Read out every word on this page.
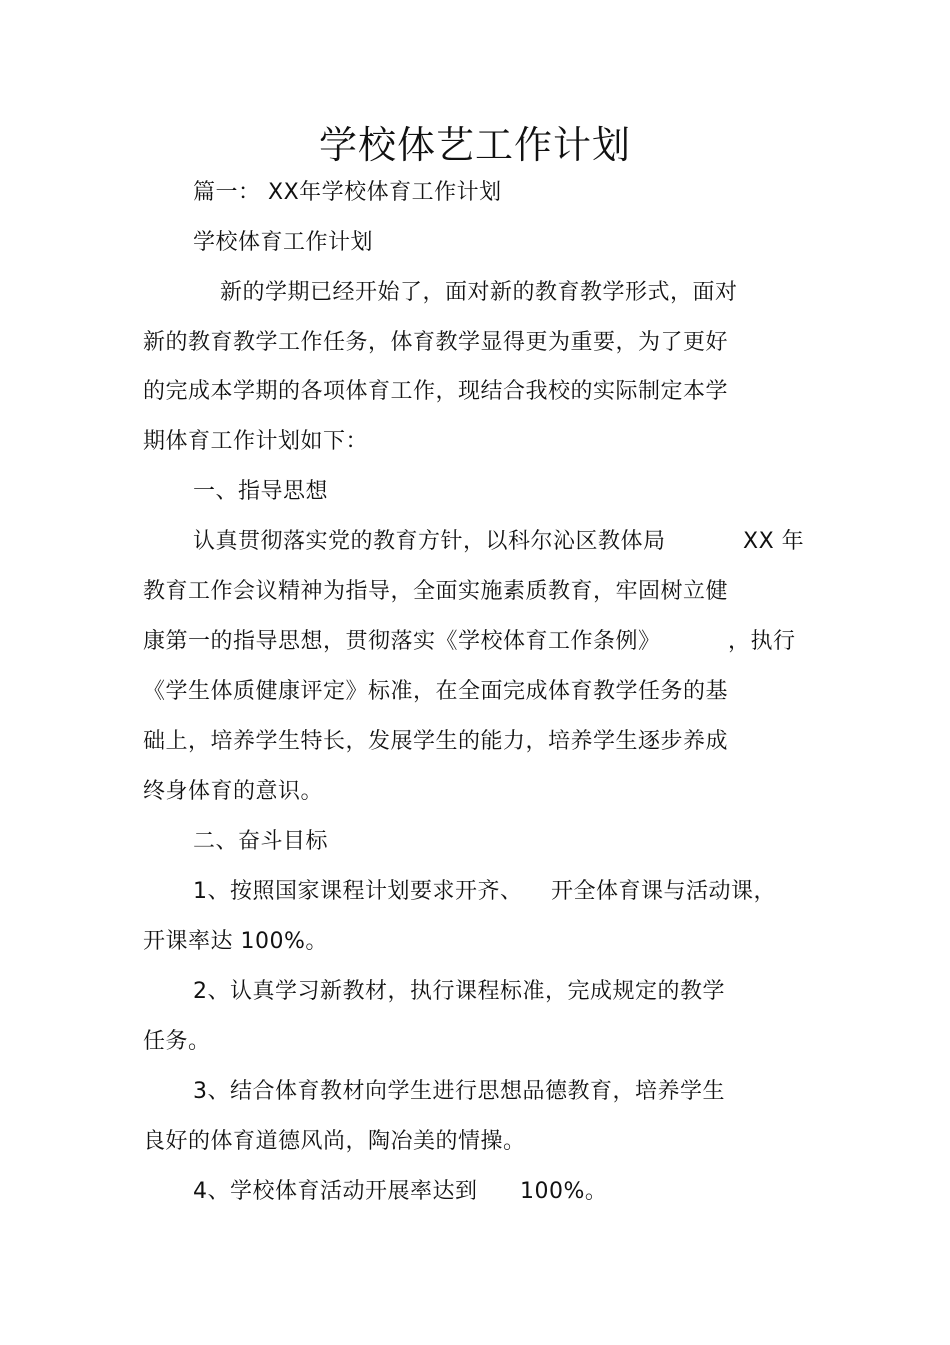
学校体艺工作计划
篇一： XX年学校体育工作计划
学校体育工作计划
新的学期已经开始了，面对新的教育教学形式，面对
新的教育教学工作任务，体育教学显得更为重要，为了更好
的完成本学期的各项体育工作，现结合我校的实际制定本学
期体育工作计划如下：
一、指导思想
认真贯彻落实党的教育方针，以科尔沁区教体局	XX 年
教育工作会议精神为指导，全面实施素质教育，牢固树立健
康第一的指导思想，贯彻落实《学校体育工作条例》	，执行
《学生体质健康评定》标准，在全面完成体育教学任务的基
础上，培养学生特长，发展学生的能力，培养学生逐步养成
终身体育的意识。
二、奋斗目标
1、按照国家课程计划要求开齐、 开全体育课与活动课，
开课率达 100%。
2、认真学习新教材，执行课程标准，完成规定的教学
任务。
3、结合体育教材向学生进行思想品德教育，培养学生
良好的体育道德风尚，陶冶美的情操。
4、学校体育活动开展率达到 100%。
